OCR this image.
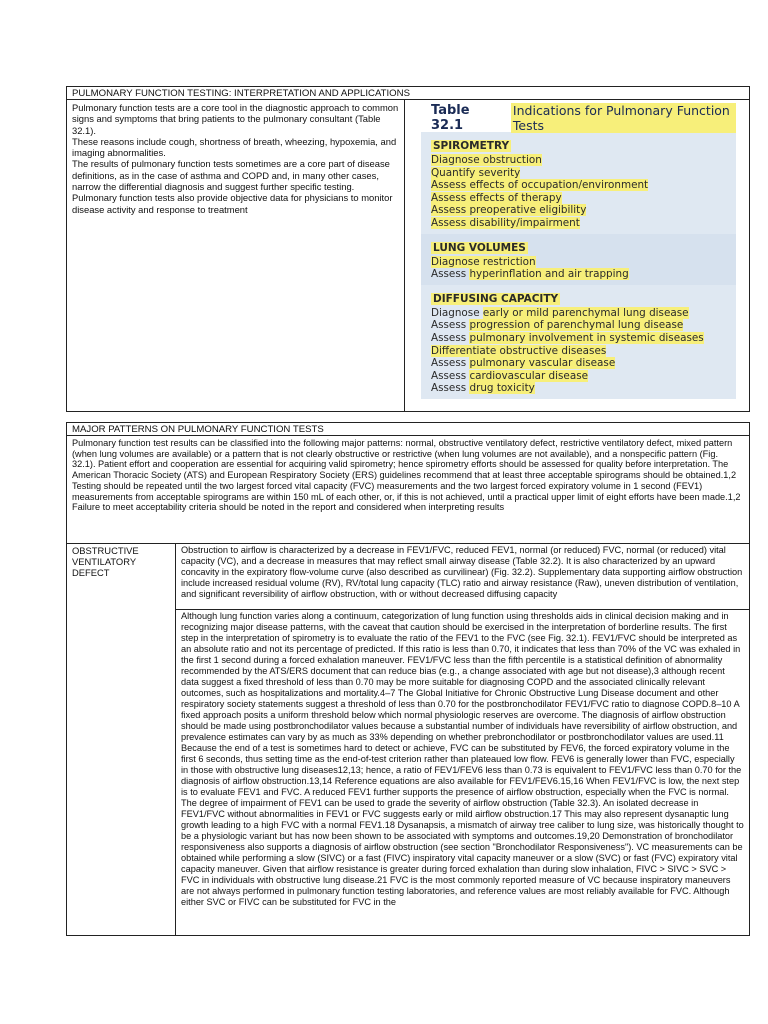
PULMONARY FUNCTION TESTING: INTERPRETATION AND APPLICATIONS

Pulmonary function tests are a core tool in the diagnostic approach to common signs and symptoms that bring patients to the pulmonary consultant (Table 32.1).

These reasons include cough, shortness of breath, wheezing, hypoxemia, and imaging abnormalities.

The results of pulmonary function tests sometimes are a core part of disease definitions, as in the case of asthma and COPD and, in many other cases, narrow the differential diagnosis and suggest further specific testing.

Pulmonary function tests also provide objective data for physicians to monitor disease activity and response to treatment

Table 32.1
Indications for Pulmonary Function Tests
SPIROMETRY
Diagnose obstruction
Quantify severity
Assess effects of occupation/environment
Assess effects of therapy
Assess preoperative eligibility
Assess disability/impairment
LUNG VOLUMES
Diagnose restriction
Assess hyperinflation and air trapping
DIFFUSING CAPACITY
Diagnose early or mild parenchymal lung disease
Assess progression of parenchymal lung disease
Assess pulmonary involvement in systemic diseases
Differentiate obstructive diseases
Assess pulmonary vascular disease
Assess cardiovascular disease
Assess drug toxicity
MAJOR PATTERNS ON PULMONARY FUNCTION TESTS
Pulmonary function test results can be classified into the following major patterns: normal, obstructive ventilatory defect, restrictive ventilatory defect, mixed pattern (when lung volumes are available) or a pattern that is not clearly obstructive or restrictive (when lung volumes are not available), and a nonspecific pattern (Fig. 32.1). Patient effort and cooperation are essential for acquiring valid spirometry; hence spirometry efforts should be assessed for quality before interpretation. The American Thoracic Society (ATS) and European Respiratory Society (ERS) guidelines recommend that at least three acceptable spirograms should be obtained.1,2 Testing should be repeated until the two largest forced vital capacity (FVC) measurements and the two largest forced expiratory volume in 1 second (FEV1) measurements from acceptable spirograms are within 150 mL of each other, or, if this is not achieved, until a practical upper limit of eight efforts have been made.1,2 Failure to meet acceptability criteria should be noted in the report and considered when interpreting results
OBSTRUCTIVE VENTILATORY DEFECT
Obstruction to airflow is characterized by a decrease in FEV1/FVC, reduced FEV1, normal (or reduced) FVC, normal (or reduced) vital capacity (VC), and a decrease in measures that may reflect small airway disease (Table 32.2). It is also characterized by an upward concavity in the expiratory flow-volume curve (also described as curvilinear) (Fig. 32.2). Supplementary data supporting airflow obstruction include increased residual volume (RV), RV/total lung capacity (TLC) ratio and airway resistance (Raw), uneven distribution of ventilation, and significant reversibility of airflow obstruction, with or without decreased diffusing capacity
Although lung function varies along a continuum, categorization of lung function using thresholds aids in clinical decision making and in recognizing major disease patterns, with the caveat that caution should be exercised in the interpretation of borderline results. The first step in the interpretation of spirometry is to evaluate the ratio of the FEV1 to the FVC (see Fig. 32.1). FEV1/FVC should be interpreted as an absolute ratio and not its percentage of predicted. If this ratio is less than 0.70, it indicates that less than 70% of the VC was exhaled in the first 1 second during a forced exhalation maneuver. FEV1/FVC less than the fifth percentile is a statistical definition of abnormality recommended by the ATS/ERS document that can reduce bias (e.g., a change associated with age but not disease),3 although recent data suggest a fixed threshold of less than 0.70 may be more suitable for diagnosing COPD and the associated clinically relevant outcomes, such as hospitalizations and mortality.4–7 The Global Initiative for Chronic Obstructive Lung Disease document and other respiratory society statements suggest a threshold of less than 0.70 for the postbronchodilator FEV1/FVC ratio to diagnose COPD.8–10 A fixed approach posits a uniform threshold below which normal physiologic reserves are overcome. The diagnosis of airflow obstruction should be made using postbronchodilator values because a substantial number of individuals have reversibility of airflow obstruction, and prevalence estimates can vary by as much as 33% depending on whether prebronchodilator or postbronchodilator values are used.11 Because the end of a test is sometimes hard to detect or achieve, FVC can be substituted by FEV6, the forced expiratory volume in the first 6 seconds, thus setting time as the end-of-test criterion rather than plateaued low flow. FEV6 is generally lower than FVC, especially in those with obstructive lung diseases12,13; hence, a ratio of FEV1/FEV6 less than 0.73 is equivalent to FEV1/FVC less than 0.70 for the diagnosis of airflow obstruction.13,14 Reference equations are also available for FEV1/FEV6.15,16 When FEV1/FVC is low, the next step is to evaluate FEV1 and FVC. A reduced FEV1 further supports the presence of airflow obstruction, especially when the FVC is normal. The degree of impairment of FEV1 can be used to grade the severity of airflow obstruction (Table 32.3). An isolated decrease in FEV1/FVC without abnormalities in FEV1 or FVC suggests early or mild airflow obstruction.17 This may also represent dysanaptic lung growth leading to a high FVC with a normal FEV1.18 Dysanapsis, a mismatch of airway tree caliber to lung size, was historically thought to be a physiologic variant but has now been shown to be associated with symptoms and outcomes.19,20 Demonstration of bronchodilator responsiveness also supports a diagnosis of airflow obstruction (see section "Bronchodilator Responsiveness"). VC measurements can be obtained while performing a slow (SIVC) or a fast (FIVC) inspiratory vital capacity maneuver or a slow (SVC) or fast (FVC) expiratory vital capacity maneuver. Given that airflow resistance is greater during forced exhalation than during slow inhalation, FIVC > SIVC > SVC > FVC in individuals with obstructive lung disease.21 FVC is the most commonly reported measure of VC because inspiratory maneuvers are not always performed in pulmonary function testing laboratories, and reference values are most reliably available for FVC. Although either SVC or FIVC can be substituted for FVC in the
